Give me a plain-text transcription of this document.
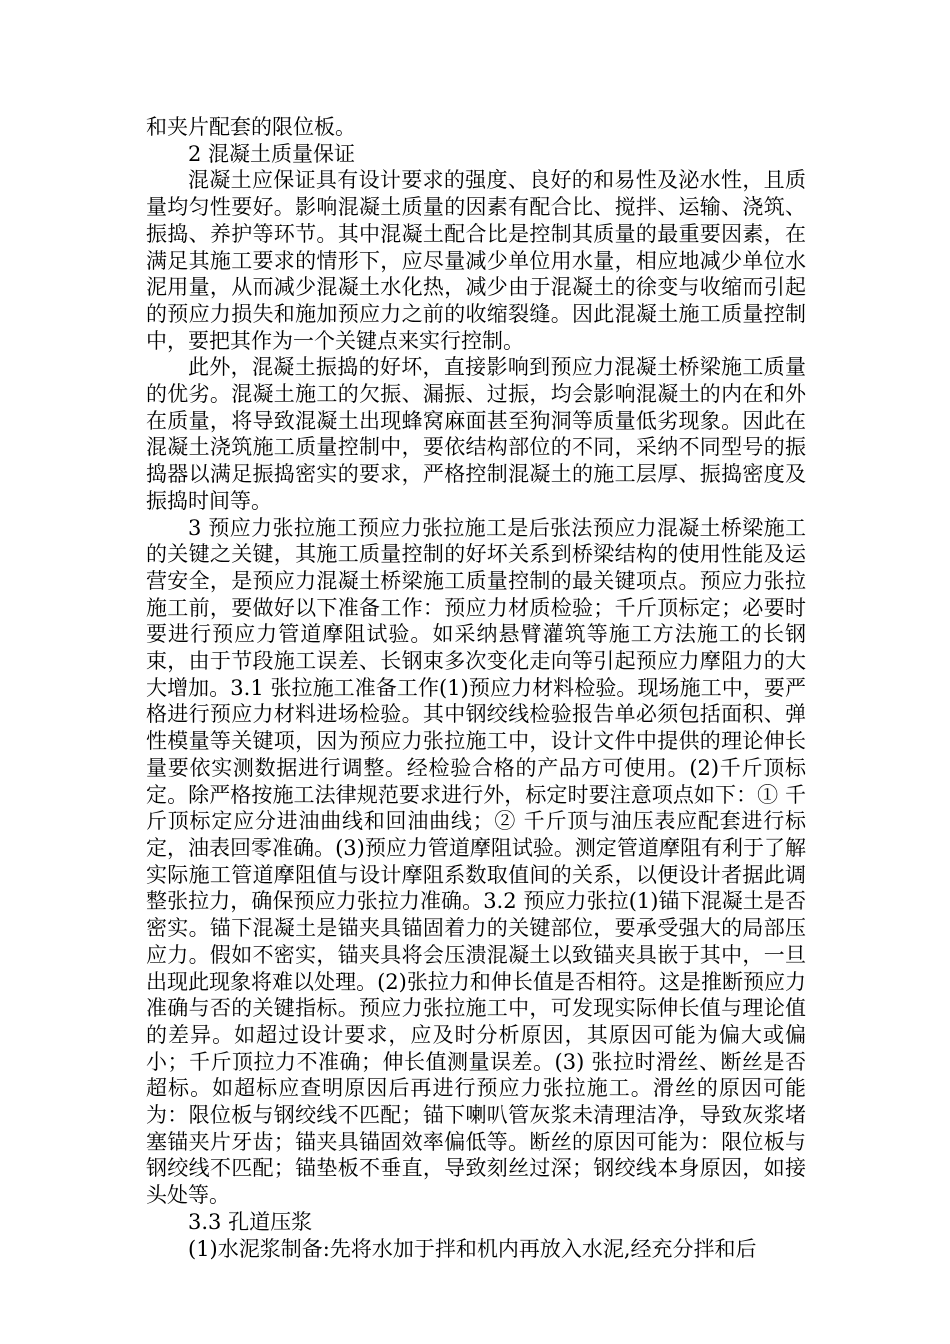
和夹片配套的限位板。

2 混凝土质量保证

混凝土应保证具有设计要求的强度、良好的和易性及泌水性，且质量均匀性要好。影响混凝土质量的因素有配合比、搅拌、运输、浇筑、振捣、养护等环节。其中混凝土配合比是控制其质量的最重要因素，在满足其施工要求的情形下，应尽量减少单位用水量，相应地减少单位水泥用量，从而减少混凝土水化热，减少由于混凝土的徐变与收缩而引起的预应力损失和施加预应力之前的收缩裂缝。因此混凝土施工质量控制中，要把其作为一个关键点来实行控制。

此外，混凝土振捣的好坏，直接影响到预应力混凝土桥梁施工质量的优劣。混凝土施工的欠振、漏振、过振，均会影响混凝土的内在和外在质量，将导致混凝土出现蜂窝麻面甚至狗洞等质量低劣现象。因此在混凝土浇筑施工质量控制中，要依结构部位的不同，采纳不同型号的振捣器以满足振捣密实的要求，严格控制混凝土的施工层厚、振捣密度及振捣时间等。

3 预应力张拉施工预应力张拉施工是后张法预应力混凝土桥梁施工的关键之关键，其施工质量控制的好坏关系到桥梁结构的使用性能及运营安全，是预应力混凝土桥梁施工质量控制的最关键项点。预应力张拉施工前，要做好以下准备工作：预应力材质检验；千斤顶标定；必要时要进行预应力管道摩阻试验。如采纳悬臂灌筑等施工方法施工的长钢束，由于节段施工误差、长钢束多次变化走向等引起预应力摩阻力的大大增加。3.1 张拉施工准备工作(1)预应力材料检验。现场施工中，要严格进行预应力材料进场检验。其中钢绞线检验报告单必须包括面积、弹性模量等关键项，因为预应力张拉施工中，设计文件中提供的理论伸长量要依实测数据进行调整。经检验合格的产品方可使用。(2)千斤顶标定。除严格按施工法律规范要求进行外，标定时要注意项点如下：① 千斤顶标定应分进油曲线和回油曲线；② 千斤顶与油压表应配套进行标定，油表回零准确。(3)预应力管道摩阻试验。测定管道摩阻有利于了解实际施工管道摩阻值与设计摩阻系数取值间的关系，以便设计者据此调整张拉力，确保预应力张拉力准确。3.2 预应力张拉(1)锚下混凝土是否密实。锚下混凝土是锚夹具锚固着力的关键部位，要承受强大的局部压应力。假如不密实，锚夹具将会压溃混凝土以致锚夹具嵌于其中，一旦出现此现象将难以处理。(2)张拉力和伸长值是否相符。这是推断预应力准确与否的关键指标。预应力张拉施工中，可发现实际伸长值与理论值的差异。如超过设计要求，应及时分析原因，其原因可能为偏大或偏小；千斤顶拉力不准确；伸长值测量误差。(3) 张拉时滑丝、断丝是否超标。如超标应查明原因后再进行预应力张拉施工。滑丝的原因可能为：限位板与钢绞线不匹配；锚下喇叭管灰浆未清理洁净，导致灰浆堵塞锚夹片牙齿；锚夹具锚固效率偏低等。断丝的原因可能为：限位板与钢绞线不匹配；锚垫板不垂直，导致刻丝过深；钢绞线本身原因，如接头处等。

3.3 孔道压浆

(1)水泥浆制备:先将水加于拌和机内再放入水泥,经充分拌和后
